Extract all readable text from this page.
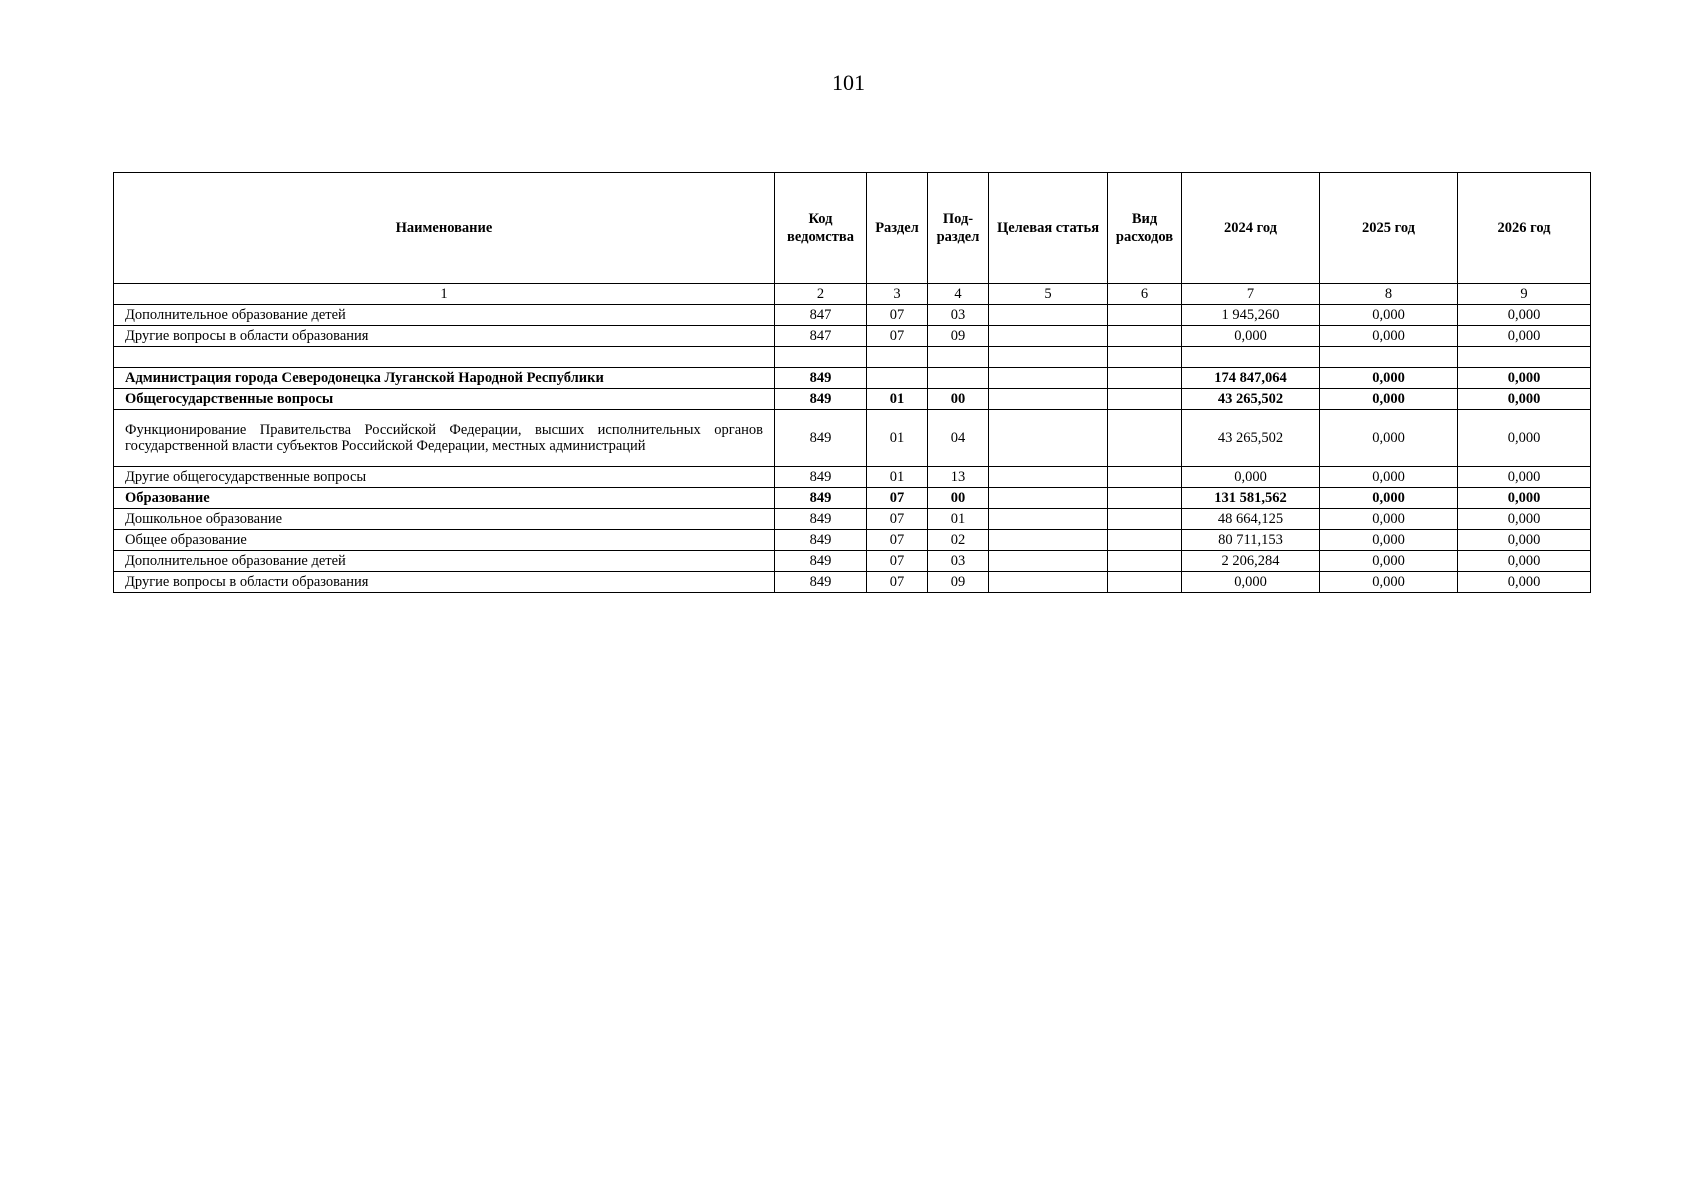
101
Наименование	Код ведомства	Раздел	Под-раздел	Целевая статья	Вид расходов	2024 год	2025 год	2026 год
1	2	3	4	5	6	7	8	9
Дополнительное образование детей	847	07	03			1 945,260	0,000	0,000
Другие вопросы в области образования	847	07	09			0,000	0,000	0,000

Администрация города Северодонецка Луганской Народной Республики	849					174 847,064	0,000	0,000
Общегосударственные вопросы	849	01	00			43 265,502	0,000	0,000
Функционирование Правительства Российской Федерации, высших исполнительных органов государственной власти субъектов Российской Федерации, местных администраций	849	01	04			43 265,502	0,000	0,000
Другие общегосударственные вопросы	849	01	13			0,000	0,000	0,000
Образование	849	07	00			131 581,562	0,000	0,000
Дошкольное образование	849	07	01			48 664,125	0,000	0,000
Общее образование	849	07	02			80 711,153	0,000	0,000
Дополнительное образование детей	849	07	03			2 206,284	0,000	0,000
Другие вопросы в области образования	849	07	09			0,000	0,000	0,000
